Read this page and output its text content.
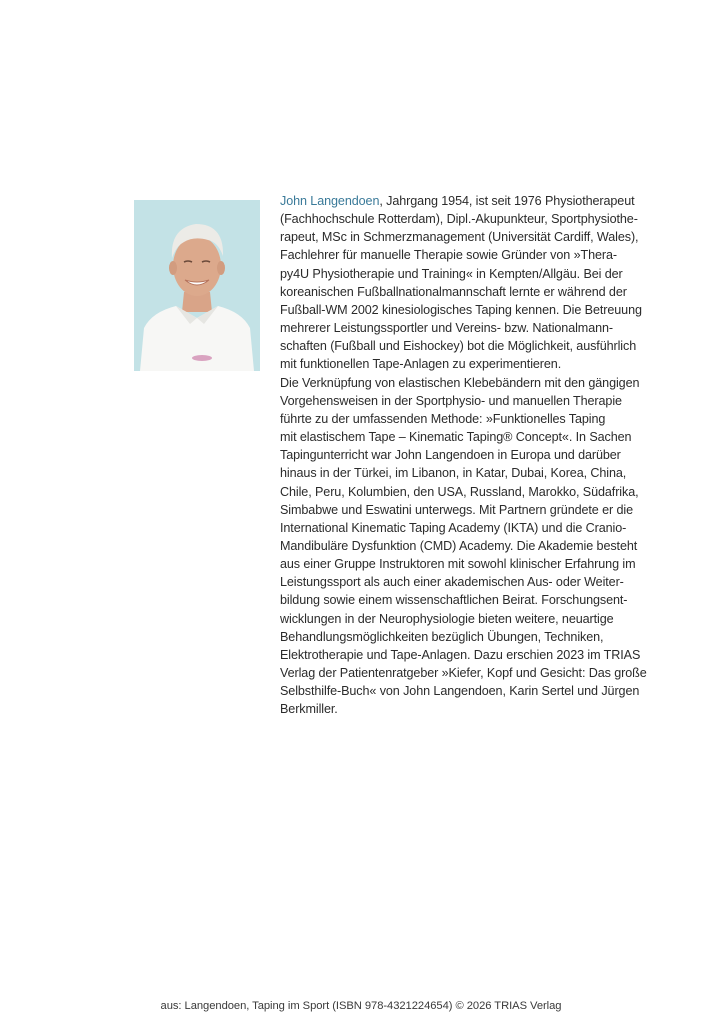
John Langendoen, Jahrgang 1954, ist seit 1976 Physiotherapeut
(Fachhochschule Rotterdam), Dipl.-Akupunkteur, Sportphysiothe-
rapeut, MSc in Schmerzmanagement (Universität Cardiff, Wales),
Fachlehrer für manuelle Therapie sowie Gründer von »Thera-
py4U Physiotherapie und Training« in Kempten/Allgäu. Bei der
koreanischen Fußballnationalmannschaft lernte er während der
Fußball-WM 2002 kinesiologisches Taping kennen. Die Betreuung
mehrerer Leistungssportler und Vereins- bzw. Nationalmann-
schaften (Fußball und Eishockey) bot die Möglichkeit, ausführlich
mit funktionellen Tape-Anlagen zu experimentieren.
Die Verknüpfung von elastischen Klebebändern mit den gängigen
Vorgehensweisen in der Sportphysio- und manuellen Therapie
führte zu der umfassenden Methode: »Funktionelles Taping
mit elastischem Tape – Kinematic Taping® Concept«. In Sachen
Tapingunterricht war John Langendoen in Europa und darüber
hinaus in der Türkei, im Libanon, in Katar, Dubai, Korea, China,
Chile, Peru, Kolumbien, den USA, Russland, Marokko, Südafrika,
Simbabwe und Eswatini unterwegs. Mit Partnern gründete er die
International Kinematic Taping Academy (IKTA) und die Cranio-
Mandibuläre Dysfunktion (CMD) Academy. Die Akademie besteht
aus einer Gruppe Instruktoren mit sowohl klinischer Erfahrung im
Leistungssport als auch einer akademischen Aus- oder Weiter-
bildung sowie einem wissenschaftlichen Beirat. Forschungsent-
wicklungen in der Neurophysiologie bieten weitere, neuartige
Behandlungsmöglichkeiten bezüglich Übungen, Techniken,
Elektrotherapie und Tape-Anlagen. Dazu erschien 2023 im TRIAS
Verlag der Patientenratgeber »Kiefer, Kopf und Gesicht: Das große
Selbsthilfe-Buch« von John Langendoen, Karin Sertel und Jürgen
Berkmiller.
aus: Langendoen, Taping im Sport (ISBN 978-4321224654) © 2026 TRIAS Verlag
